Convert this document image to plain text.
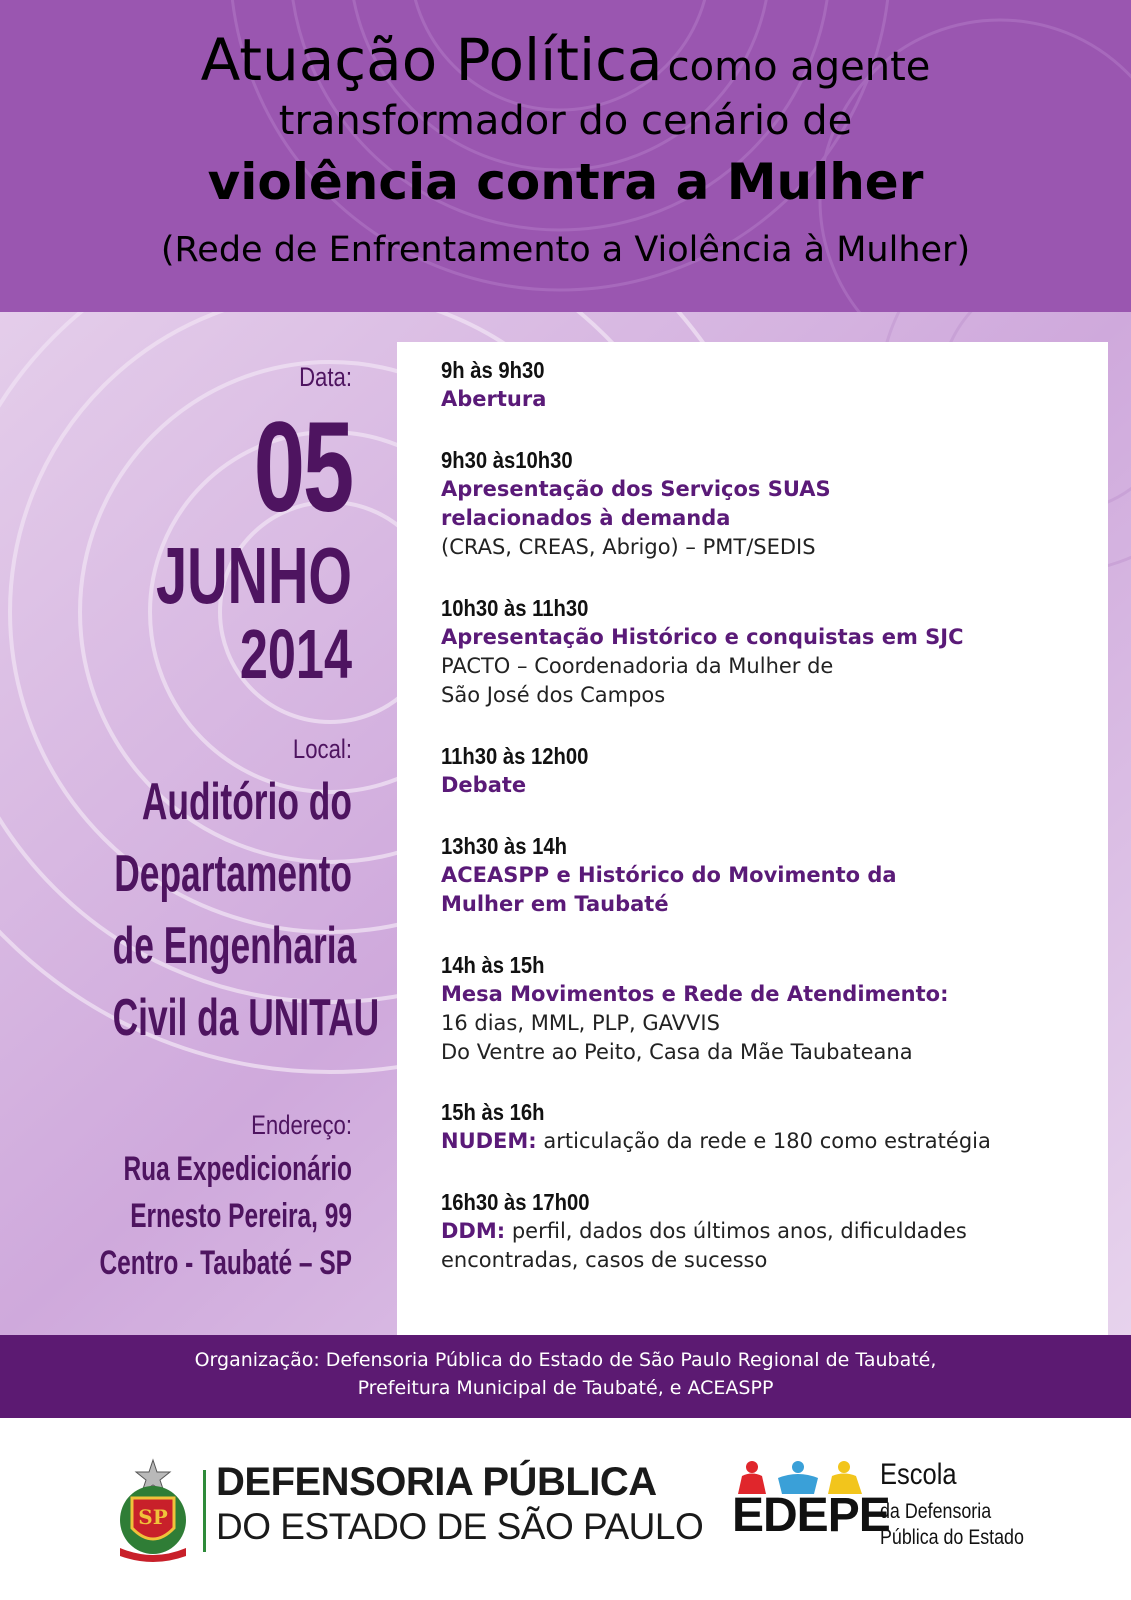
Atuação Política como agente
transformador do cenário de
violência contra a Mulher
(Rede de Enfrentamento a Violência à Mulher)
Data:
05
JUNHO
2014
Local:
Auditório do
Departamento
de Engenharia
Civil da UNITAU
Endereço:
Rua Expedicionário
Ernesto Pereira, 99
Centro - Taubaté – SP
9h às 9h30
Abertura
9h30 às10h30
Apresentação dos Serviços SUAS
relacionados à demanda
(CRAS, CREAS, Abrigo) – PMT/SEDIS
10h30 às 11h30
Apresentação Histórico e conquistas em SJC
PACTO – Coordenadoria da Mulher de
São José dos Campos
11h30 às 12h00
Debate
13h30 às 14h
ACEASPP e Histórico do Movimento da
Mulher em Taubaté
14h às 15h
Mesa Movimentos e Rede de Atendimento:
16 dias, MML, PLP, GAVVIS
Do Ventre ao Peito, Casa da Mãe Taubateana
15h às 16h
NUDEM: articulação da rede e 180 como estratégia
16h30 às 17h00
DDM: perfil, dados dos últimos anos, dificuldades
encontradas, casos de sucesso
Organização: Defensoria Pública do Estado de São Paulo Regional de Taubaté,
Prefeitura Municipal de Taubaté, e ACEASPP
SP
DEFENSORIA PÚBLICA
DO ESTADO DE SÃO PAULO EDEPE
Escola
da Defensoria
Pública do Estado
